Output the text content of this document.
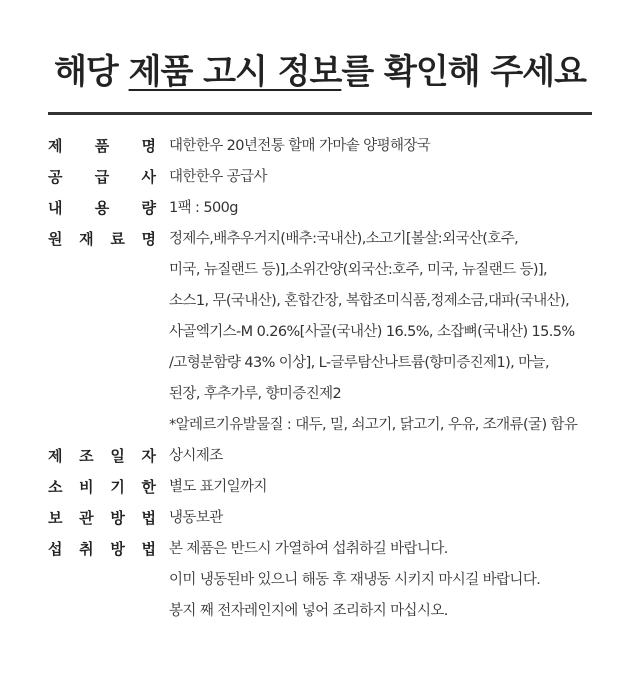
해당 제품 고시 정보를 확인해 주세요
제 품 명 대한한우 20년전통 할매 가마솥 양평해장국
공 급 사 대한한우 공급사
내 용 량 1팩 : 500g
원 재 료 명 정제수,배추우거지(배추:국내산),소고기[볼살:외국산(호주,
미국, 뉴질랜드 등)],소위간양(외국산:호주, 미국, 뉴질랜드 등)],
소스1, 무(국내산), 혼합간장, 복합조미식품,정제소금,대파(국내산),
사골엑기스-M 0.26%[사골(국내산) 16.5%, 소잡뼈(국내산) 15.5%
/고형분함량 43% 이상], L-글루탐산나트륨(향미증진제1), 마늘,
된장, 후추가루, 향미증진제2
*알레르기유발물질 : 대두, 밀, 쇠고기, 닭고기, 우유, 조개류(굴) 함유
제 조 일 자 상시제조
소 비 기 한 별도 표기일까지
보 관 방 법 냉동보관
섭 취 방 법 본 제품은 반드시 가열하여 섭취하길 바랍니다.
이미 냉동된바 있으니 해동 후 재냉동 시키지 마시길 바랍니다.
봉지 째 전자레인지에 넣어 조리하지 마십시오.
